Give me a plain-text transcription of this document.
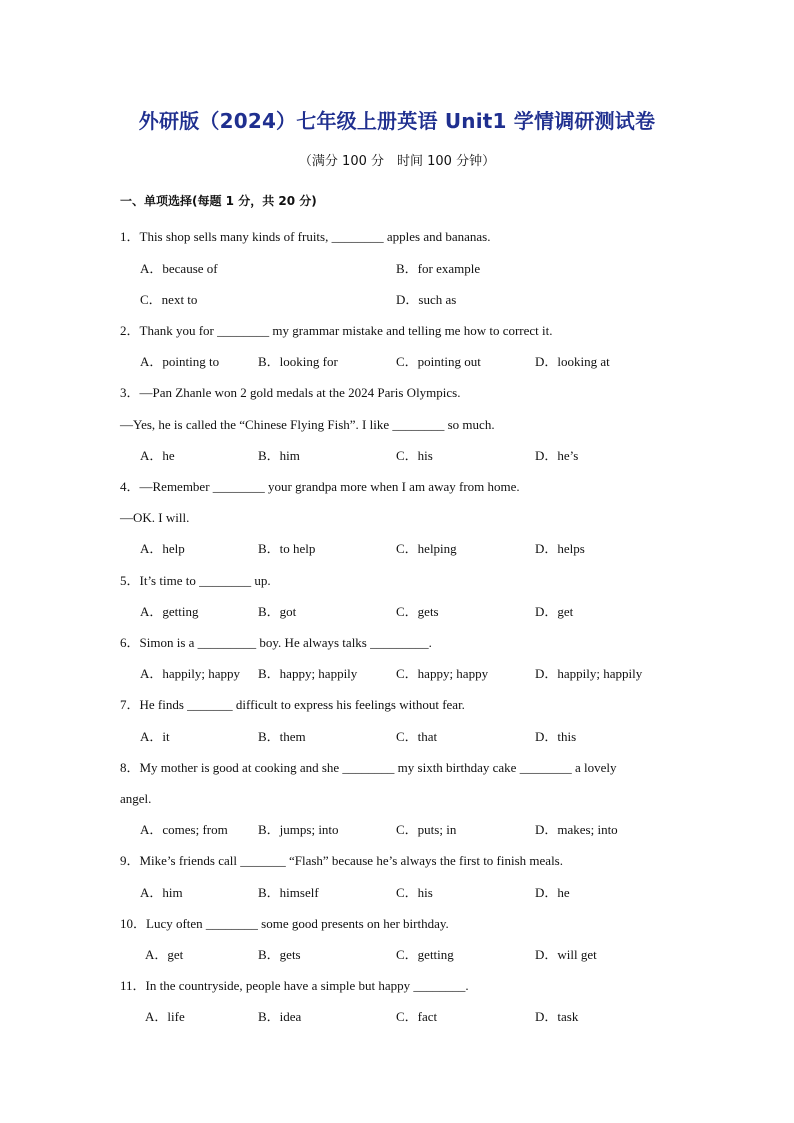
外研版（2024）七年级上册英语 Unit1 学情调研测试卷
（满分 100 分　时间 100 分钟）
一、单项选择(每题 1 分，共 20 分)
1．This shop sells many kinds of fruits, ________ apples and bananas.
A．because of	B．for example
C．next to	D．such as
2．Thank you for ________ my grammar mistake and telling me how to correct it.
A．pointing to	B．looking for	C．pointing out	D．looking at
3．—Pan Zhanle won 2 gold medals at the 2024 Paris Olympics.
—Yes, he is called the “Chinese Flying Fish”. I like ________ so much.
A．he	B．him	C．his	D．he’s
4．—Remember ________ your grandpa more when I am away from home.
—OK. I will.
A．help	B．to help	C．helping	D．helps
5．It’s time to ________ up.
A．getting	B．got	C．gets	D．get
6．Simon is a _________ boy. He always talks _________.
A．happily; happy B．happy; happily	C．happy; happy	D．happily; happily
7．He finds _______ difficult to express his feelings without fear.
A．it	B．them	C．that	D．this
8．My mother is good at cooking and she ________ my sixth birthday cake ________ a lovely
angel.
A．comes; from B．jumps; into	C．puts; in	D．makes; into
9．Mike’s friends call _______ “Flash” because he’s always the first to finish meals.
A．him	B．himself	C．his	D．he
10．Lucy often ________ some good presents on her birthday.
A．get	B．gets	C．getting	D．will get
11．In the countryside, people have a simple but happy ________.
A．life	B．idea	C．fact	D．task
